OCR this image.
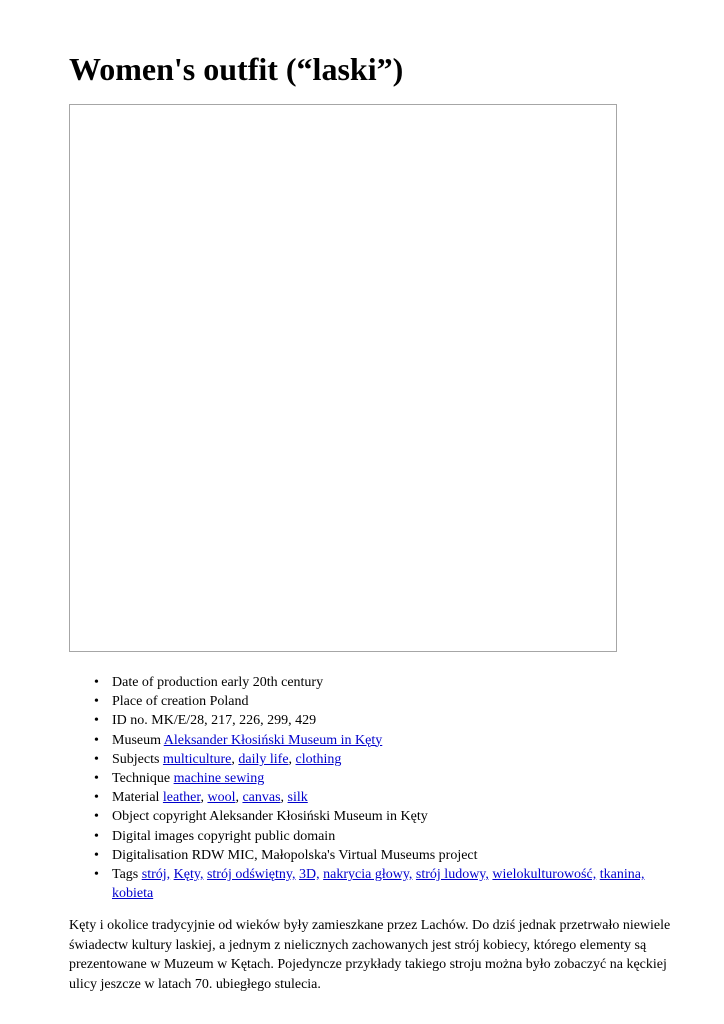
Women's outfit (“laski”)
• Date of production early 20th century
• Place of creation Poland
• ID no. MK/E/28, 217, 226, 299, 429
• Museum Aleksander Kłosiński Museum in Kęty
• Subjects multiculture, daily life, clothing
• Technique machine sewing
• Material leather, wool, canvas, silk
• Object copyright Aleksander Kłosiński Museum in Kęty
• Digital images copyright public domain
• Digitalisation RDW MIC, Małopolska's Virtual Museums project
• Tags strój, Kęty, strój odświętny, 3D, nakrycia głowy, strój ludowy, wielokulturowość, tkanina, kobieta

Kęty i okolice tradycyjnie od wieków były zamieszkane przez Lachów. Do dziś jednak przetrwało niewiele świadectw kultury laskiej, a jednym z nielicznych zachowanych jest strój kobiecy, którego elementy są prezentowane w Muzeum w Kętach. Pojedyncze przykłady takiego stroju można było zobaczyć na kęckiej ulicy jeszcze w latach 70. ubiegłego stulecia.
